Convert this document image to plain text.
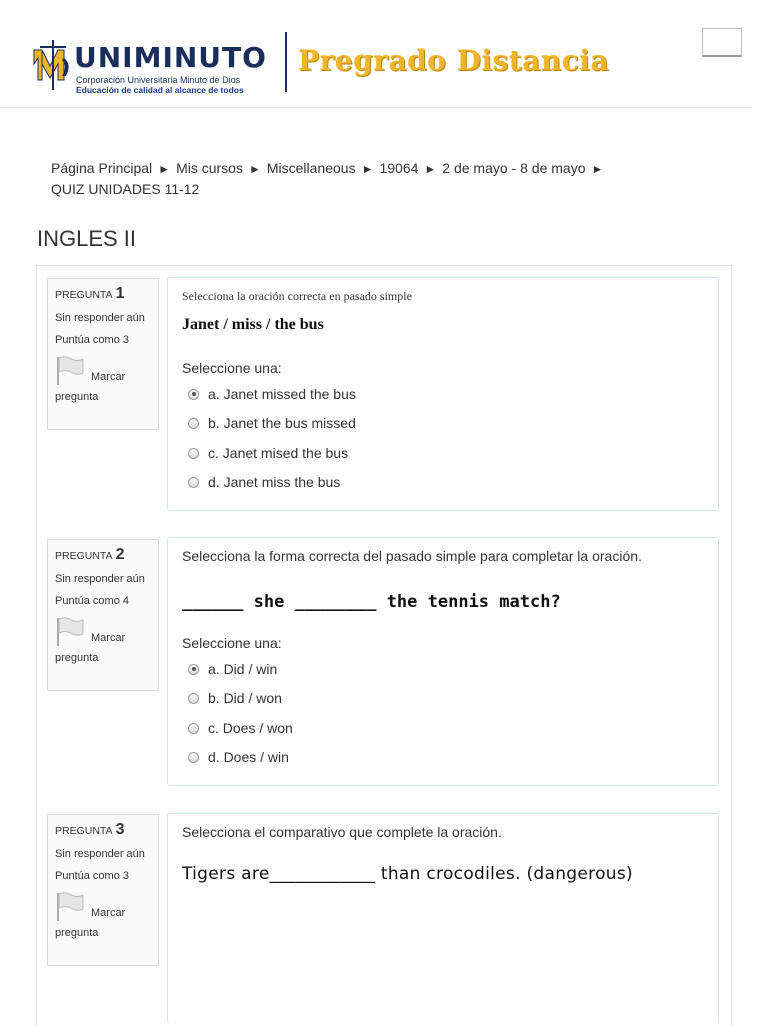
UNIMINUTO
Corporación Universitaria Minuto de Dios
Educación de calidad al alcance de todos
Pregrado Distancia
Página Principal ► Mis cursos ► Miscellaneous ► 19064 ► 2 de mayo - 8 de mayo ►
QUIZ UNIDADES 11-12
INGLES II
PREGUNTA 1
Sin responder aún
Puntúa como 3
Marcar
pregunta
Selecciona la oración correcta en pasado simple
Janet / miss / the bus
Seleccione una:
a. Janet missed the bus
b. Janet the bus missed
c. Janet mised the bus
d. Janet miss the bus
PREGUNTA 2
Sin responder aún
Puntúa como 4
Marcar
pregunta
Selecciona la forma correcta del pasado simple para completar la oración.
______ she ________ the tennis match?
Seleccione una:
a. Did / win
b. Did / won
c. Does / won
d. Does / win
PREGUNTA 3
Sin responder aún
Puntúa como 3
Marcar
pregunta
Selecciona el comparativo que complete la oración.
Tigers are____________ than crocodiles. (dangerous)
